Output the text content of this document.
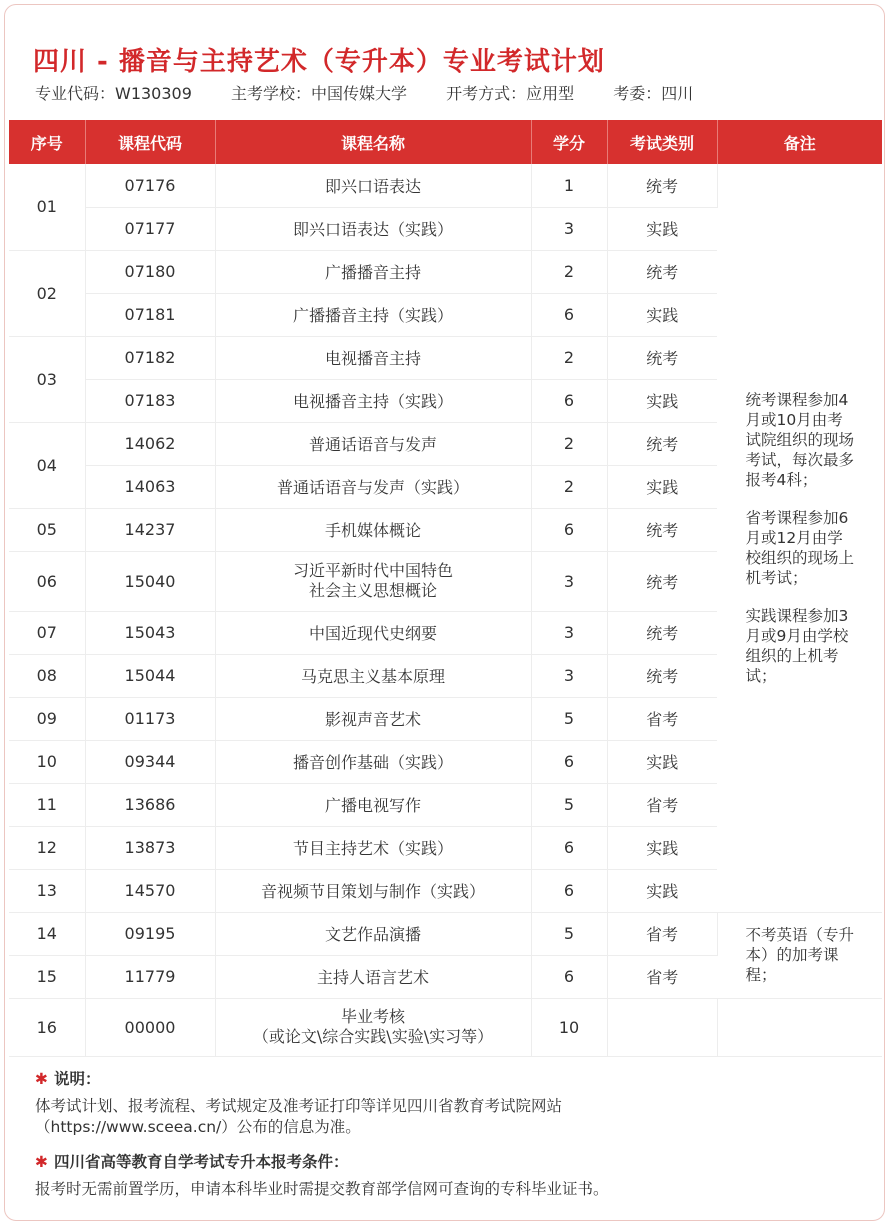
四川 - 播音与主持艺术（专升本）专业考试计划
专业代码：W130309 主考学校：中国传媒大学 开考方式：应用型 考委：四川
序号	课程代码	课程名称	学分	考试类别	备注
01	07176	即兴口语表达	1	统考	统考课程参加4月或10月由考试院组织的现场考试，每次最多报考4科；

省考课程参加6月或12月由学校组织的现场上机考试；

实践课程参加3月或9月由学校组织的上机考试；

	07177	即兴口语表达（实践）	3	实践	
02	07180	广播播音主持	2	统考	
	07181	广播播音主持（实践）	6	实践	
03	07182	电视播音主持	2	统考	
	07183	电视播音主持（实践）	6	实践	
04	14062	普通话语音与发声	2	统考	
	14063	普通话语音与发声（实践）	2	实践	
05	14237	手机媒体概论	6	统考	
06	15040	习近平新时代中国特色
社会主义思想概论	3	统考	
07	15043	中国近现代史纲要	3	统考	
08	15044	马克思主义基本原理	3	统考	
09	01173	影视声音艺术	5	省考	
10	09344	播音创作基础（实践）	6	实践	
11	13686	广播电视写作	5	省考	
12	13873	节目主持艺术（实践）	6	实践	
13	14570	音视频节目策划与制作（实践）	6	实践	
14	09195	文艺作品演播	5	省考	不考英语（专升本）的加考课程；

15	11779	主持人语言艺术	6	省考	
16	00000	毕业考核
（或论文\综合实践\实验\实习等）	10		
✱ 说明：
体考试计划、报考流程、考试规定及准考证打印等详见四川省教育考试院网站
（https://www.sceea.cn/）公布的信息为准。
✱ 四川省高等教育自学考试专升本报考条件：
报考时无需前置学历，申请本科毕业时需提交教育部学信网可查询的专科毕业证书。
